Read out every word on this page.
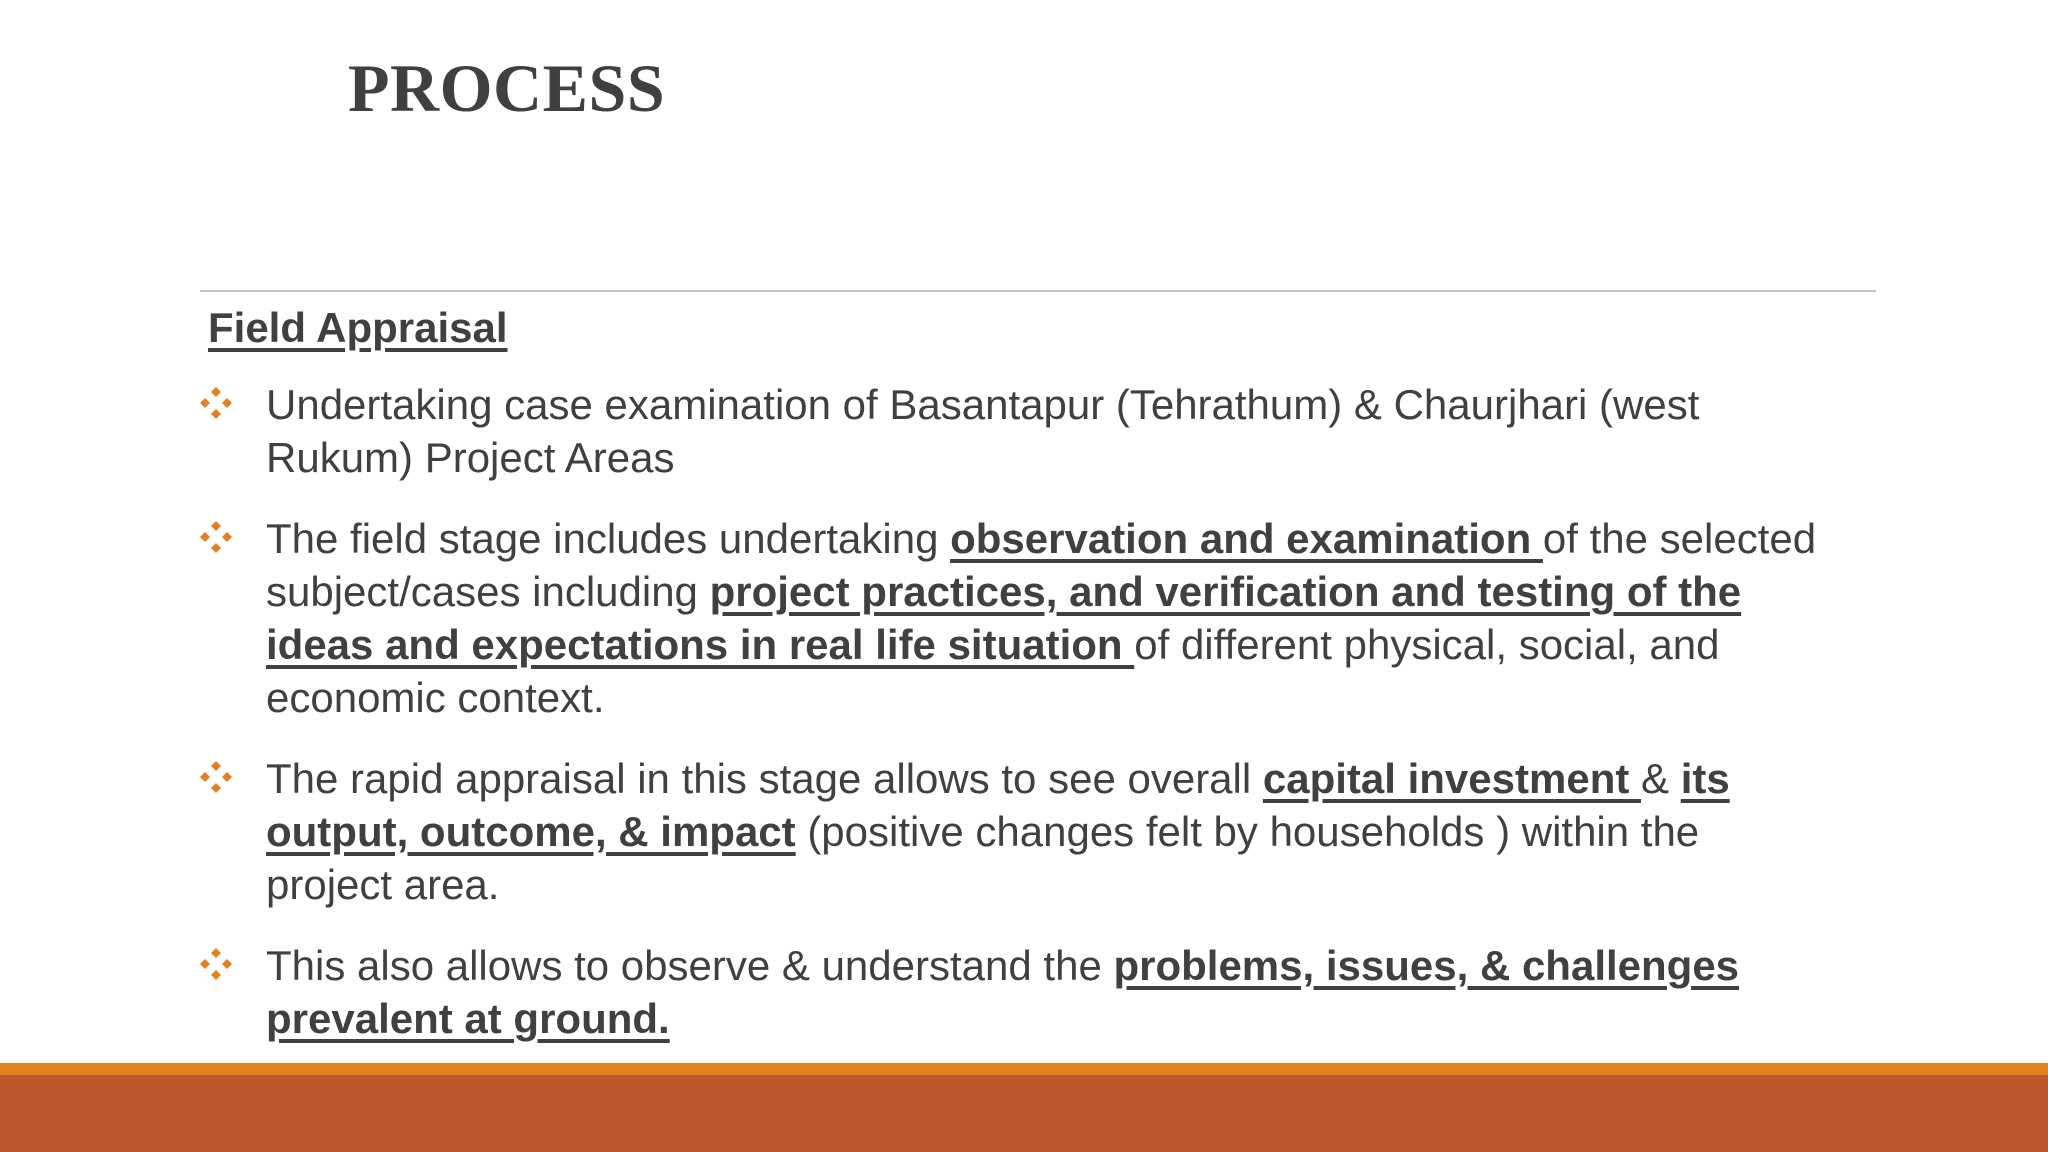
PROCESS
Field Appraisal
Undertaking case examination of Basantapur (Tehrathum) & Chaurjhari (west Rukum) Project Areas
The field stage includes undertaking observation and examination of the selected subject/cases including project practices, and verification and testing of the ideas and expectations in real life situation of different physical, social, and economic context.
The rapid appraisal in this stage allows to see overall capital investment & its output, outcome, & impact (positive changes felt by households ) within the project area.
This also allows to observe & understand the problems, issues, & challenges prevalent at ground.
